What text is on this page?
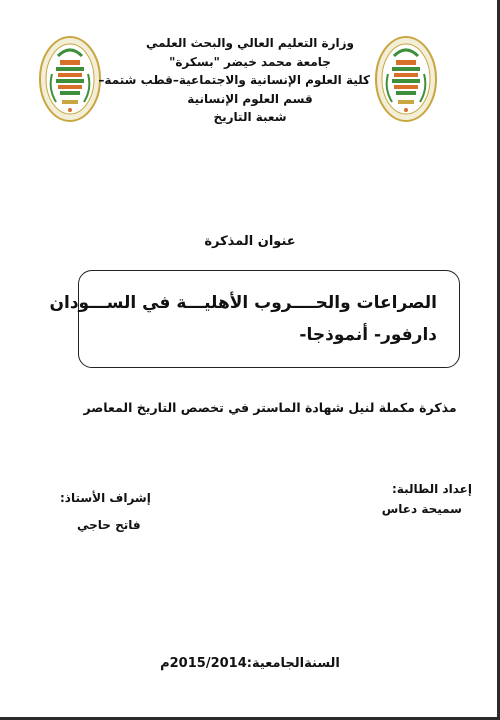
وزارة التعليم العالي والبحث العلمي
جامعة محمد خيضر "بسكرة"
كلية العلوم الإنسانية والاجتماعية–قطب شتمة–
قسم العلوم الإنسانية
شعبة التاريخ
عنوان المذكرة
الصراعات والحــــروب الأهليـــة في الســـودان
دارفور- أنموذجا-
مذكرة مكملة لنيل شهادة الماستر في تخصص التاريخ المعاصر
إعداد الطالبة:
سميحة دعاس
إشراف الأستاذ:
فاتح حاجي
السنةالجامعية:2015/2014م
